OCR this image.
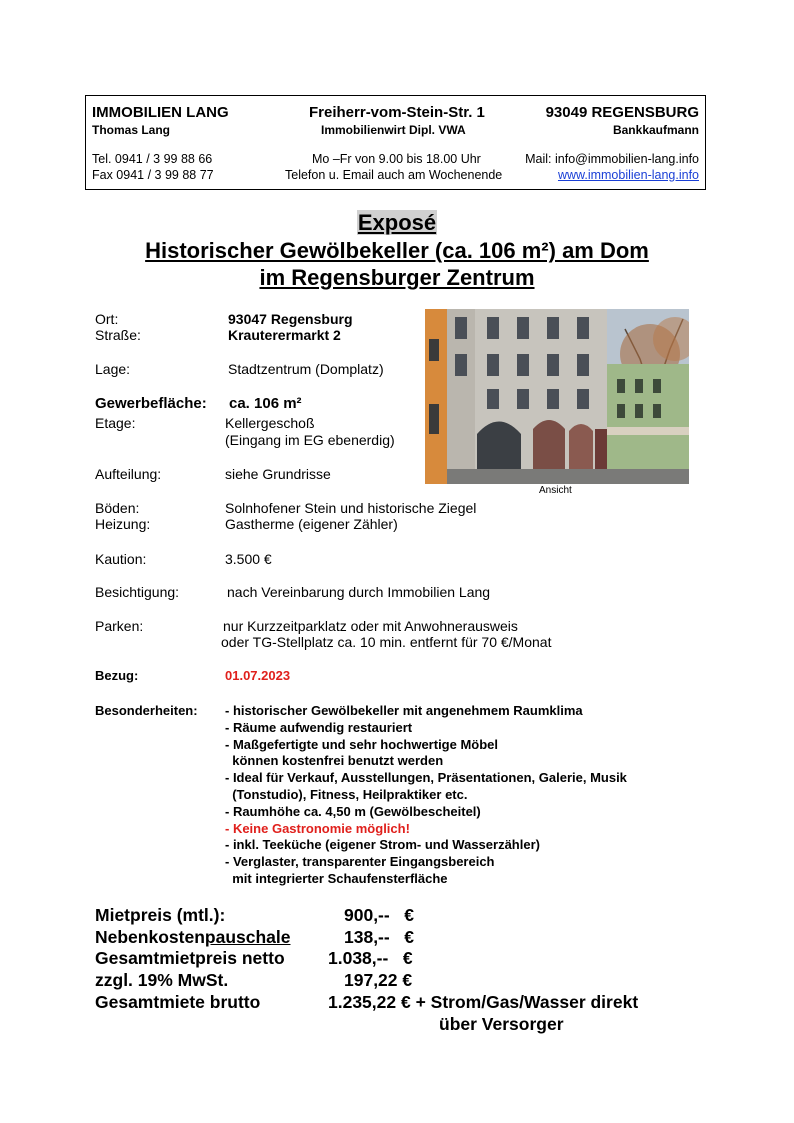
IMMOBILIEN LANG	Freiherr-vom-Stein-Str. 1	93049 REGENSBURG
Thomas Lang	Immobilienwirt Dipl. VWA	Bankkaufmann
Tel. 0941 / 3 99 88 66	Mo –Fr von 9.00 bis 18.00 Uhr	Mail: info@immobilien-lang.info
Fax 0941 / 3 99 88 77	Telefon u. Email auch am Wochenende	www.immobilien-lang.info
Exposé
Historischer Gewölbekeller (ca. 106 m²) am Dom
im Regensburger Zentrum
Ansicht
Ort:	93047 Regensburg
Straße:	Krauterermarkt 2
Lage:	Stadtzentrum (Domplatz)
Gewerbefläche: ca. 106 m²
Etage:	Kellergeschoß
(Eingang im EG ebenerdig)
Aufteilung:	siehe Grundrisse
Böden:	Solnhofener Stein und historische Ziegel
Heizung:	Gastherme (eigener Zähler)
Kaution:	3.500 €
Besichtigung:	nach Vereinbarung durch Immobilien Lang
Parken:	nur Kurzzeitparklatz oder mit Anwohnerausweis
oder TG-Stellplatz ca. 10 min. entfernt für 70 €/Monat
Bezug:	01.07.2023
Besonderheiten: - historischer Gewölbekeller mit angenehmem Raumklima
- Räume aufwendig restauriert
- Maßgefertigte und sehr hochwertige Möbel
können kostenfrei benutzt werden
- Ideal für Verkauf, Ausstellungen, Präsentationen, Galerie, Musik
(Tonstudio), Fitness, Heilpraktiker etc.
- Raumhöhe ca. 4,50 m (Gewölbescheitel)
- Keine Gastronomie möglich!
- inkl. Teeküche (eigener Strom- und Wasserzähler)
- Verglaster, transparenter Eingangsbereich
mit integrierter Schaufensterfläche
Mietpreis (mtl.):	900,--   €
Nebenkostenpauschale	138,--   €
Gesamtmietpreis netto 1.038,--   €
zzgl. 19% MwSt.	197,22 €
Gesamtmiete brutto	1.235,22 € + Strom/Gas/Wasser direkt
über Versorger
